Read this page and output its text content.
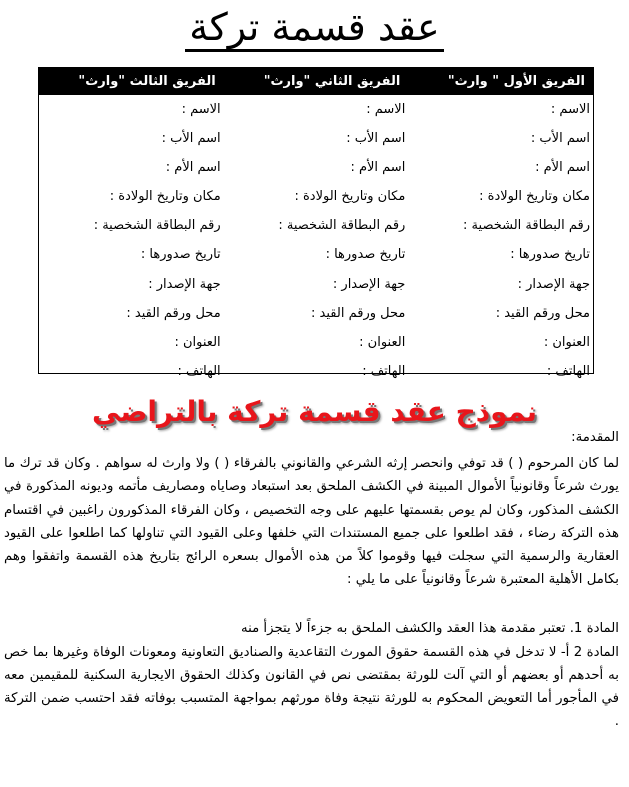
عقد قسمة تركة
الفريق الأول " وارث"
الفريق الثاني "وارث"
الفريق الثالث "وارث"
الاسم :
اسم الأب :
اسم الأم :
مكان وتاريخ الولادة :
رقم البطاقة الشخصية :
تاريخ صدورها :
جهة الإصدار :
محل ورقم القيد :
العنوان :
الهاتف :
الاسم :
اسم الأب :
اسم الأم :
مكان وتاريخ الولادة :
رقم البطاقة الشخصية :
تاريخ صدورها :
جهة الإصدار :
محل ورقم القيد :
العنوان :
الهاتف :
الاسم :
اسم الأب :
اسم الأم :
مكان وتاريخ الولادة :
رقم البطاقة الشخصية :
تاريخ صدورها :
جهة الإصدار :
محل ورقم القيد :
العنوان :
الهاتف :
نموذج عقد قسمة تركة بالتراضي

المقدمة:

لما كان المرحوم ( ) قد توفي وانحصر إرثه الشرعي والقانوني بالفرقاء ( ) ولا وارث له سواهم . وكان قد ترك ما يورث شرعاً وقانونياً الأموال المبينة في الكشف الملحق بعد استبعاد وصاياه ومصاريف مأتمه وديونه المذكورة في الكشف المذكور، وكان لم يوص بقسمتها عليهم على وجه التخصيص ، وكان الفرقاء المذكورون راغبين في اقتسام هذه التركة رضاء ، فقد اطلعوا على جميع المستندات التي خلفها وعلى القيود التي تناولها كما اطلعوا على القيود العقارية والرسمية التي سجلت فيها وقوموا كلاً من هذه الأموال بسعره الرائج بتاريخ هذه القسمة واتفقوا وهم بكامل الأهلية المعتبرة شرعاً وقانونياً على ما يلي :

المادة 1. تعتبر مقدمة هذا العقد والكشف الملحق به جزءاً لا يتجزأ منه

المادة 2 أ- لا تدخل في هذه القسمة حقوق المورث التقاعدية والصناديق التعاونية ومعونات الوفاة وغيرها بما خص به أحدهم أو بعضهم أو التي آلت للورثة بمقتضى نص في القانون وكذلك الحقوق الايجارية السكنية للمقيمين معه في المأجور أما التعويض المحكوم به للورثة نتيجة وفاة مورثهم بمواجهة المتسبب بوفاته فقد احتسب ضمن التركة .
